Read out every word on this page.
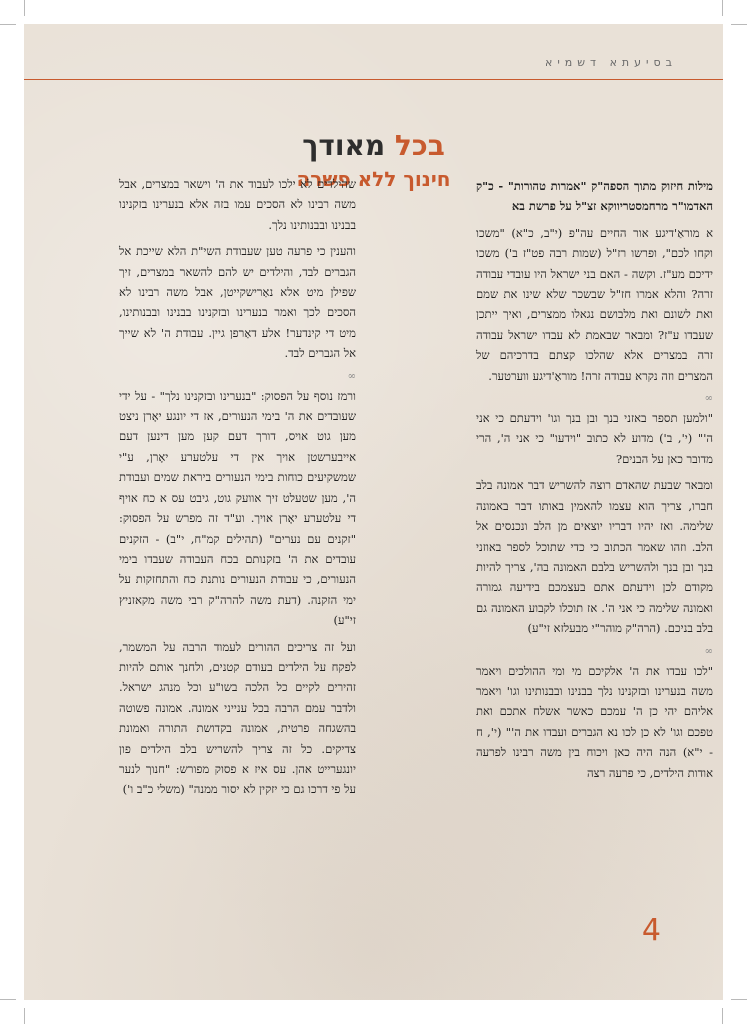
בסיעתא דשמיא
בכל מאודך
חינוך ללא פשרה	מילות חיזוק מתוך הספה"ק "אמרות טהורות" - כ"ק האדמו"ר מרחמסטריווקא זצ"ל על פרשת בא

א מוראַ'דיגע אור החיים עה"פ (י"ב, כ"א) "משכו וקחו לכם", ופרשו רז"ל (שמות רבה פט"ז ב') משכו ידיכם מע"ז. וקשה - האם בני ישראל היו עובדי עבודה זרה? והלא אמרו חז"ל שבשכר שלא שינו את שמם ואת לשונם ואת מלבושם נגאלו ממצרים, ואיך ייתכן שעבדו ע"ז? ומבאר שבאמת לא עבדו ישראל עבודה זרה במצרים אלא שהלכו קצתם בדרכיהם של המצרים וזה נקרא עבודה זרה! מוראַ'דיגע ווערטער.

∞

"ולמען תספר באזני בנך ובן בנך וגו' וידעתם כי אני ה'" (י', ב') מדוע לא כתוב "וידעו" כי אני ה', הרי מדובר כאן על הבנים?

ומבאר שבעת שהאדם רוצה להשריש דבר אמונה בלב חברו, צריך הוא עצמו להאמין באותו דבר באמונה שלימה. ואז יהיו דבריו יוצאים מן הלב ונכנסים אל הלב. וזהו שאמר הכתוב כי כדי שתוכל לספר באוזני בנך ובן בנך ולהשריש בלבם האמונה בה', צריך להיות מקודם לכן וידעתם אתם בעצמכם בידיעה גמורה ואמונה שלימה כי אני ה'. אז תוכלו לקבוע האמונה גם בלב בניכם. (הרה"ק מוהר"י מבעלזא זי"ע)

∞

"לכו עבדו את ה' אלקיכם מי ומי ההולכים ויאמר משה בנערינו ובזקנינו נלך בבנינו ובבנותינו וגו' ויאמר אליהם יהי כן ה' עמכם כאשר אשלח אתכם ואת טפכם וגו' לא כן לכו נא הגברים ועבדו את ה'" (י', ח - י"א) הנה היה כאן ויכוח בין משה רבינו לפרעה אודות הילדים, כי פרעה רצה

שהילדים לא ילכו לעבוד את ה' וישאר במצרים, אבל משה רבינו לא הסכים עמו בזה אלא בנערינו בזקנינו בבנינו ובבנותינו נלך.

והענין כי פרעה טען שעבודת השי"ת הלא שייכת אל הגברים לבד, והילדים יש להם להשאר במצרים, זיך שפילן מיט אלא נאַרישקייטן, אבל משה רבינו לא הסכים לכך ואמר בנערינו ובזקנינו בבנינו ובבנותינו, מיט די קינדער! אלע דאַרפן גיין. עבודת ה' לא שייך אל הגברים לבד.

∞

ורמז נוסף על הפסוק: "בנערינו ובזקנינו נלך" - על ידי שעובדים את ה' בימי הנעורים, אז די יונגע יאָרן ניצט מען גוט אויס, דורך דעם קען מען דינען דעם אייבערשטן אויך אין די עלטערע יאָרן, ע"י שמשקיעים כוחות בימי הנעורים ביראת שמים ועבודת ה', מען שטעלט זיך אוועק גוט, גיבט עס א כח אויף די עלטערע יאָרן אויך. וע"ד זה מפרש על הפסוק: "זקנים עם נערים" (תהילים קמ"ח, י"ב) - הזקנים עובדים את ה' בזקנותם בכח העבודה שעבדו בימי הנעורים, כי עבודת הנעורים נותנת כח והתחזקות על ימי הזקנה. (דעת משה להרה"ק רבי משה מקאזניץ זי"ע)

ועל זה צריכים ההורים לעמוד הרבה על המשמר, לפקח על הילדים בעודם קטנים, ולחנך אותם להיות זהירים לקיים כל הלכה בשו"ע וכל מנהג ישראל. ולדבר עמם הרבה בכל ענייני אמונה. אמונה פשוטה בהשגחה פרטית, אמונה בקדושת התורה ואמונת צדיקים. כל זה צריך להשריש בלב הילדים פון יונגערייט אהן. עס איז א פסוק מפורש: "חנוך לנער על פי דרכו גם כי יזקין לא יסור ממנה" (משלי כ"ב ו')

4
